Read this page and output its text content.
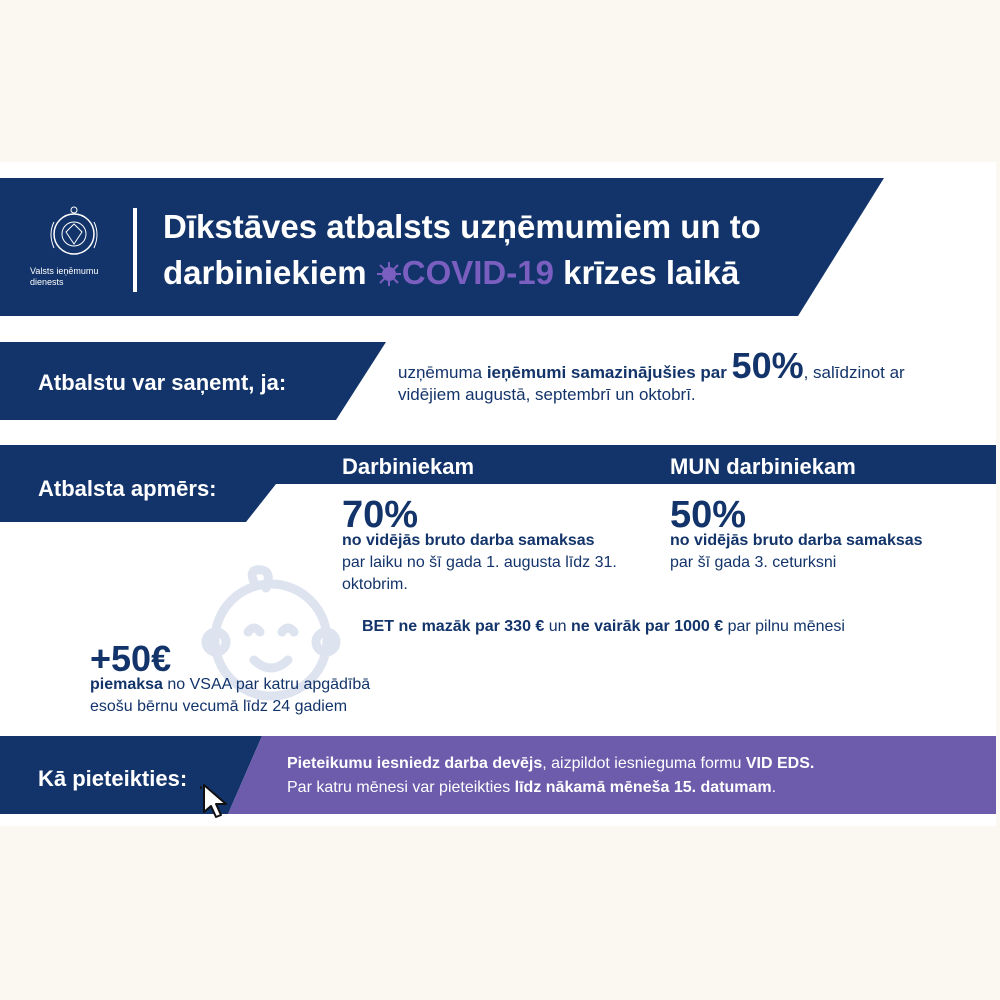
Valsts ieņēmumu dienests
Dīkstāves atbalsts uzņēmumiem un to
darbiniekiem COVID-19 krīzes laikā
Atbalstu var saņemt, ja:	uzņēmuma ieņēmumi samazinājušies par 50%, salīdzinot ar vidējiem augustā, septembrī un oktobrī.
Atbalsta apmērs:
Darbiniekam	MUN darbiniekam
70%
no vidējās bruto darba samaksas
par laiku no šī gada 1. augusta līdz 31. oktobrim.
50%
no vidējās bruto darba samaksas
par šī gada 3. ceturksni
BET ne mazāk par 330 € un ne vairāk par 1000 € par pilnu mēnesi
+50€
piemaksa no VSAA par katru apgādībā esošu bērnu vecumā līdz 24 gadiem
Kā pieteikties:
Pieteikumu iesniedz darba devējs, aizpildot iesnieguma formu VID EDS.
Par katru mēnesi var pieteikties līdz nākamā mēneša 15. datumam.
